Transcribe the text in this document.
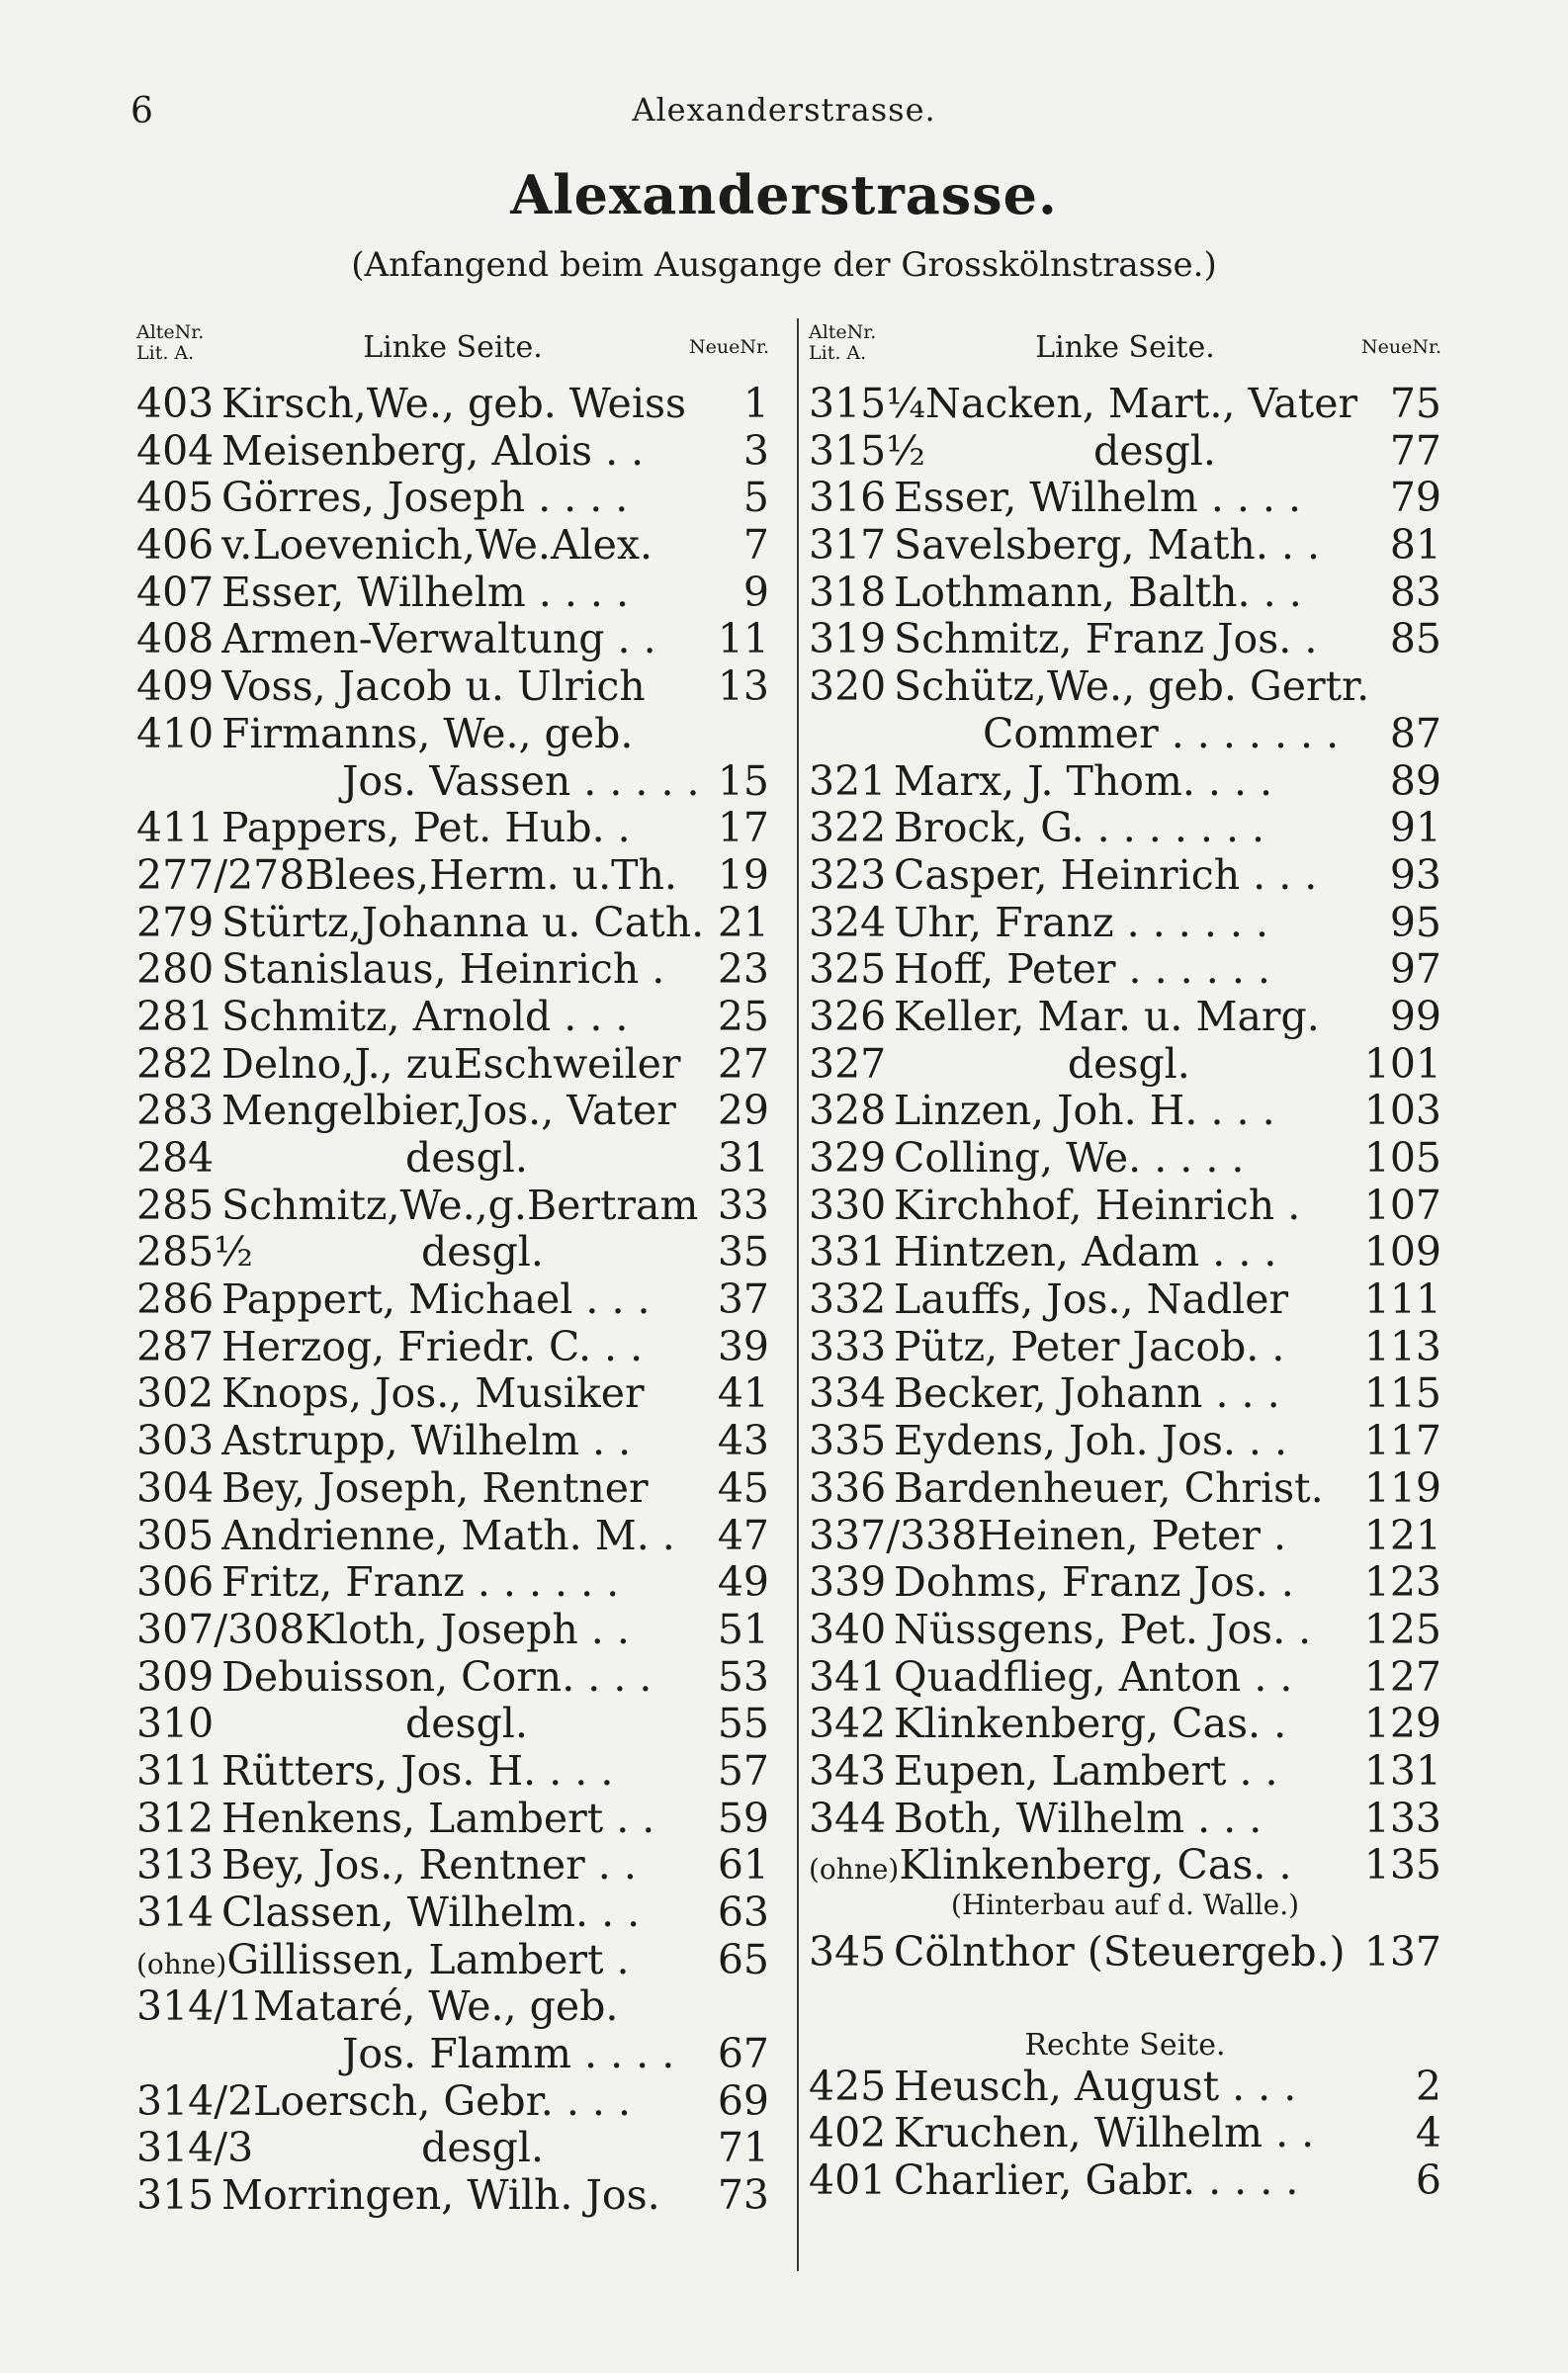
6	Alexanderstrasse.
Alexanderstrasse.
(Anfangend beim Ausgange der Grosskölnstrasse.)
AlteNr.
Lit. A.	Linke Seite.	NeueNr.
403 Kirsch,We., geb. Weiss	1
404 Meisenberg, Alois . .	3
405 Görres, Joseph . . . .	5
406 v.Loevenich,We.Alex.	7
407 Esser, Wilhelm . . . .	9
408 Armen-Verwaltung . .	11
409 Voss, Jacob u. Ulrich	13
410 Firmanns, We., geb.
Jos. Vassen . . . . . 15
411 Pappers, Pet. Hub. .	17
277/278 Blees,Herm. u.Th. 19
279 Stürtz,Johanna u. Cath. 21
280 Stanislaus, Heinrich .	23
281 Schmitz, Arnold . . .	25
282 Delno,J., zuEschweiler 27
283 Mengelbier,Jos., Vater	29
284	desgl.	31
285 Schmitz,We.,g.Bertram 33
285½	desgl.	35
286 Pappert, Michael . . .	37
287 Herzog, Friedr. C. . .	39
302 Knops, Jos., Musiker	41
303 Astrupp, Wilhelm . .	43
304 Bey, Joseph, Rentner	45
305 Andrienne, Math. M. .	47
306 Fritz, Franz . . . . . .	49
307/308 Kloth, Joseph . .	51
309 Debuisson, Corn. . . .	53
310	desgl.	55
311 Rütters, Jos. H. . . .	57
312 Henkens, Lambert . .	59
313 Bey, Jos., Rentner . .	61
314 Classen, Wilhelm. . .	63
(ohne) Gillissen, Lambert .	65
314/1 Mataré, We., geb.
Jos. Flamm . . . .	67
314/2 Loersch, Gebr. . . .	69
314/3	desgl.	71
315 Morringen, Wilh. Jos.	73
AlteNr.
Lit. A.	Linke Seite.	NeueNr.
315¼ Nacken, Mart., Vater 75
315½	desgl.	77
316 Esser, Wilhelm . . . .	79
317 Savelsberg, Math. . .	81
318 Lothmann, Balth. . .	83
319 Schmitz, Franz Jos. .	85
320 Schütz,We., geb. Gertr.
Commer . . . . . . .	87
321 Marx, J. Thom. . . .	89
322 Brock, G. . . . . . . .	91
323 Casper, Heinrich . . .	93
324 Uhr, Franz . . . . . .	95
325 Hoff, Peter . . . . . .	97
326 Keller, Mar. u. Marg.	99
327	desgl.	101
328 Linzen, Joh. H. . . .	103
329 Colling, We. . . . .	105
330 Kirchhof, Heinrich .	107
331 Hintzen, Adam . . .	109
332 Lauffs, Jos., Nadler	111
333 Pütz, Peter Jacob. .	113
334 Becker, Johann . . .	115
335 Eydens, Joh. Jos. . .	117
336 Bardenheuer, Christ.	119
337/338 Heinen, Peter .	121
339 Dohms, Franz Jos. .	123
340 Nüssgens, Pet. Jos. .	125
341 Quadflieg, Anton . .	127
342 Klinkenberg, Cas. .	129
343 Eupen, Lambert . .	131
344 Both, Wilhelm . . .	133
(ohne) Klinkenberg, Cas. .	135
(Hinterbau auf d. Walle.)
345 Cölnthor (Steuergeb.) 137
Rechte Seite.
425 Heusch, August . . .	2
402 Kruchen, Wilhelm . .	4
401 Charlier, Gabr. . . . .	6
